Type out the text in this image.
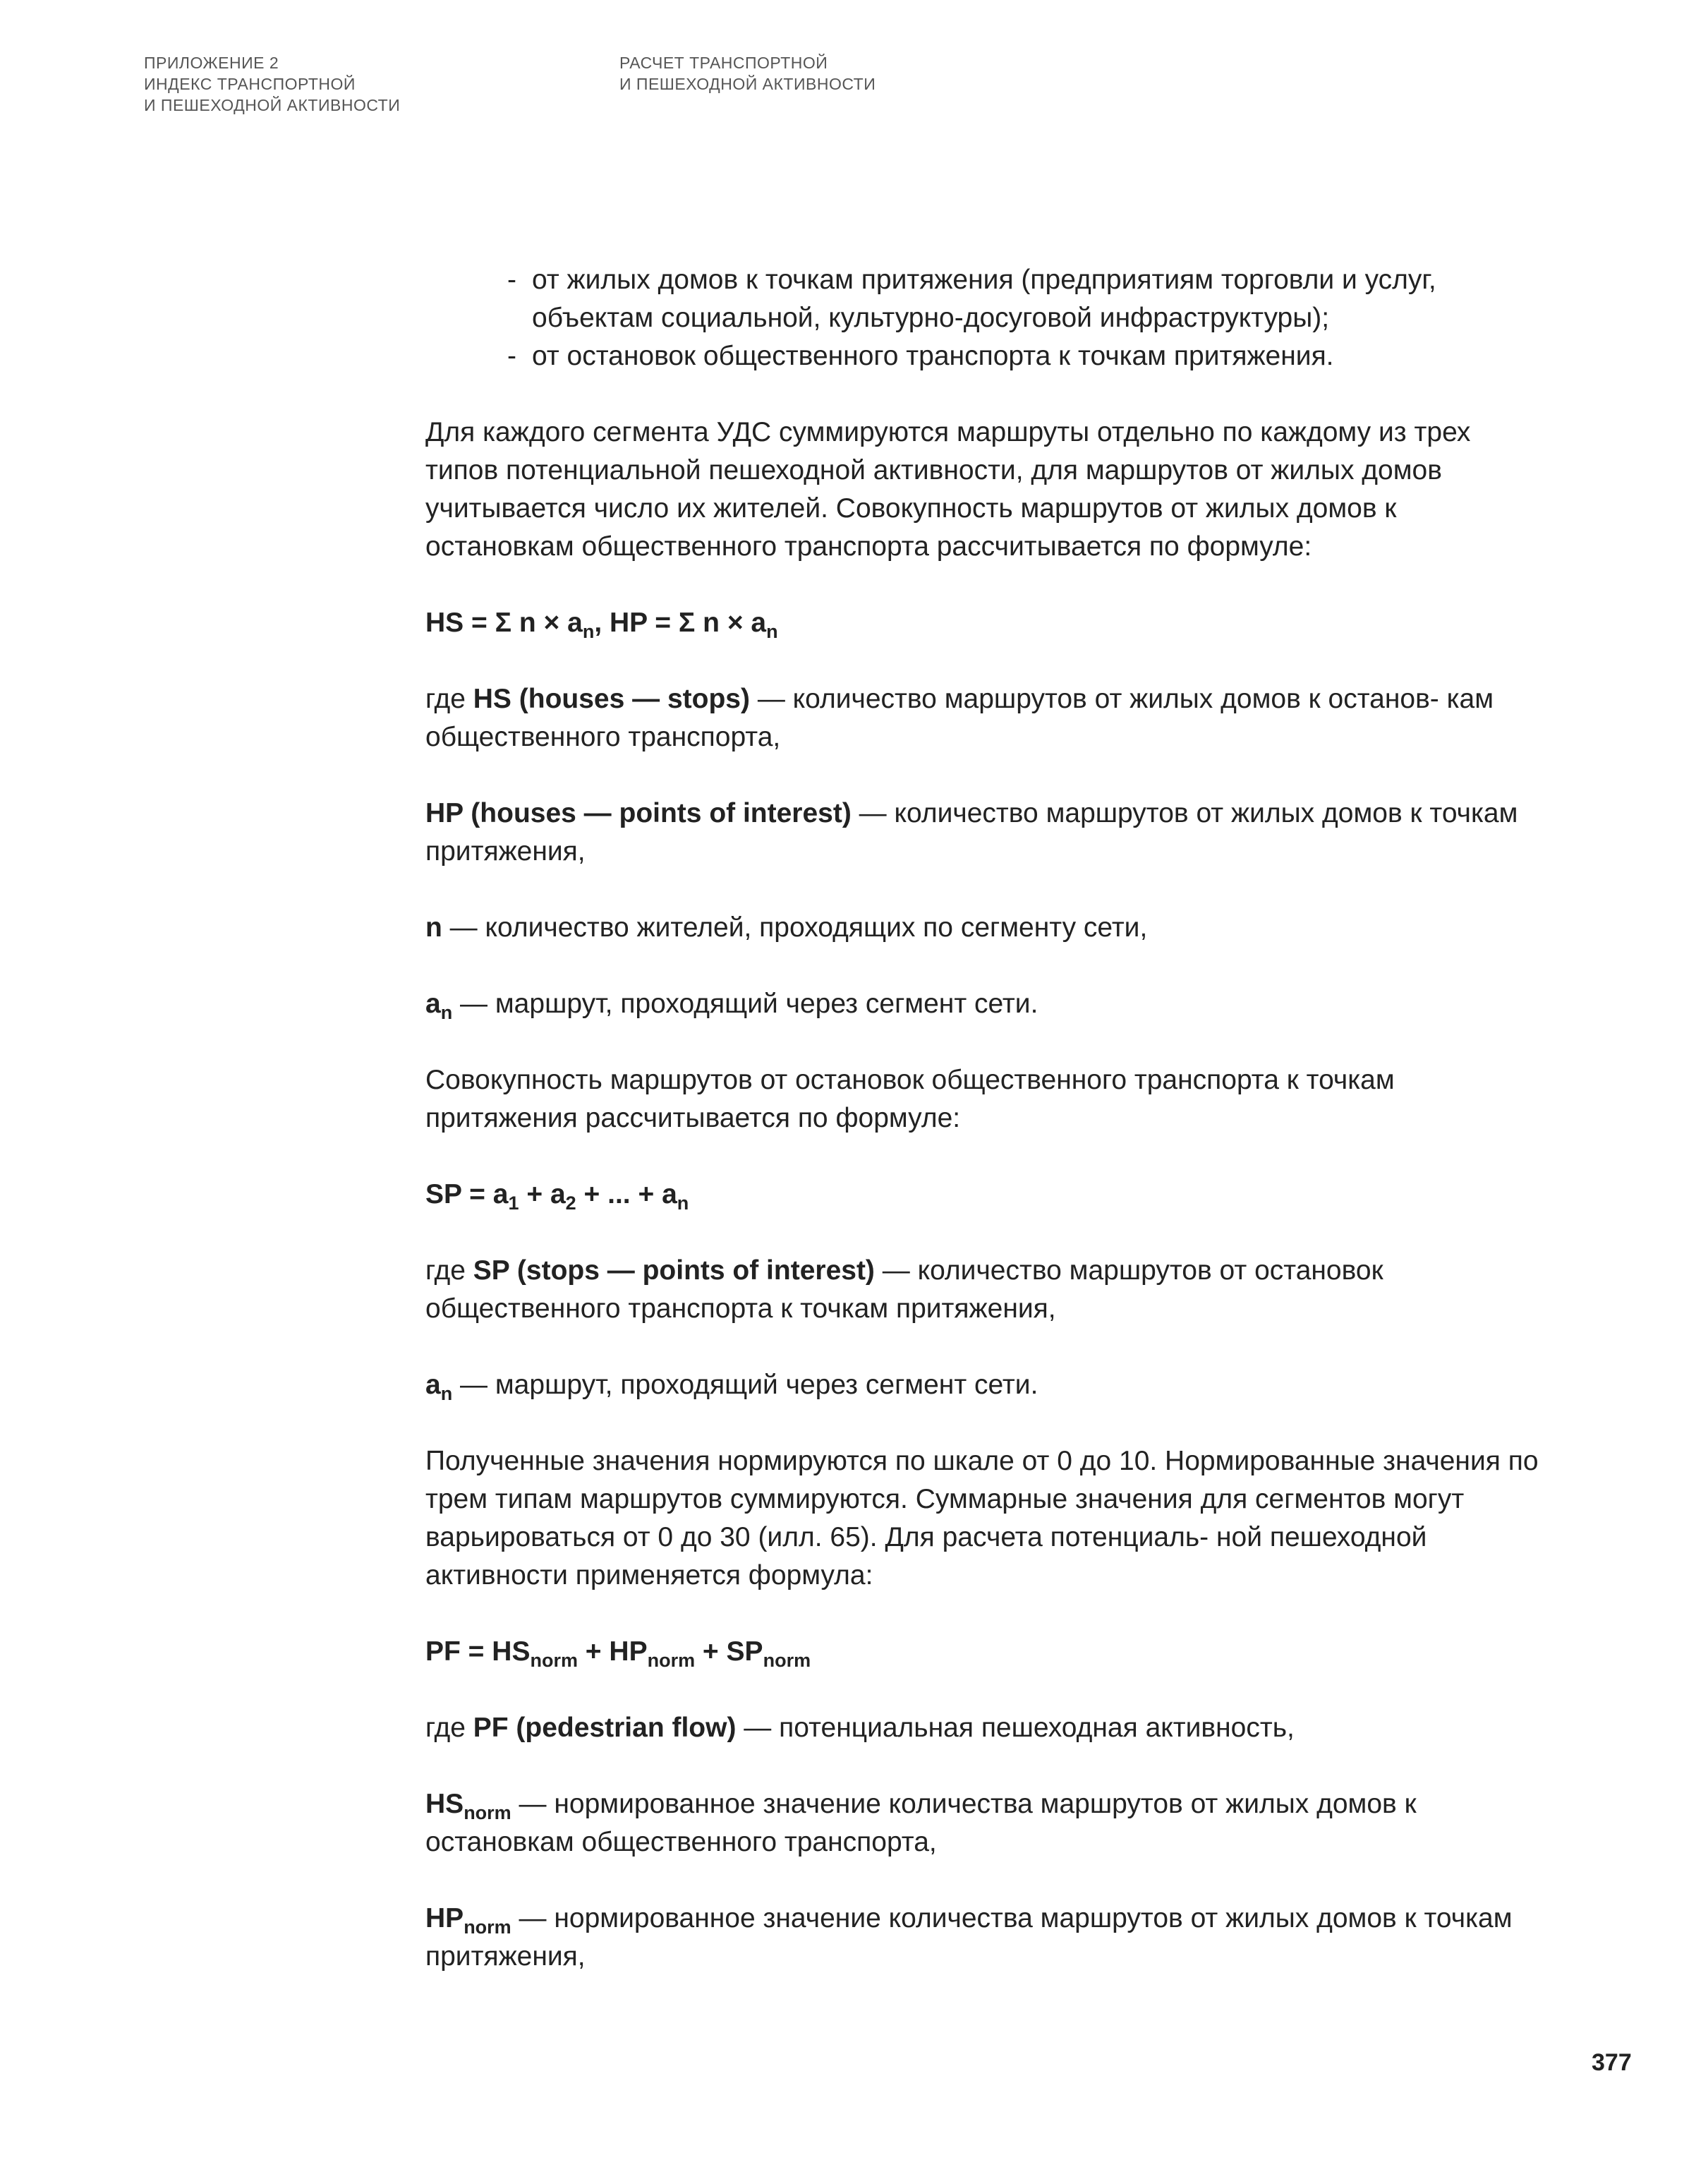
ПРИЛОЖЕНИЕ 2
ИНДЕКС ТРАНСПОРТНОЙ
И ПЕШЕХОДНОЙ АКТИВНОСТИ
РАСЧЕТ ТРАНСПОРТНОЙ
И ПЕШЕХОДНОЙ АКТИВНОСТИ
- от жилых домов к точкам притяжения (предприятиям торговли и услуг, объектам социальной, культурно-досуговой инфраструктуры);
- от остановок общественного транспорта к точкам притяжения.

Для каждого сегмента УДС суммируются маршруты отдельно по каждому из трех типов потенциальной пешеходной активности, для маршрутов от жилых домов учитывается число их жителей. Совокупность маршрутов от жилых домов к остановкам общественного транспорта рассчитывается по формуле:

HS = Σ $n \times a_n$, HP = Σ $n \times a_n$

где HS (houses — stops) — количество маршрутов от жилых домов к останов- кам общественного транспорта,

HP (houses — points of interest) — количество маршрутов от жилых домов к точкам притяжения,

n — количество жителей, проходящих по сегменту сети,

$a_n$ — маршрут, проходящий через сегмент сети.

Совокупность маршрутов от остановок общественного транспорта к точкам притяжения рассчитывается по формуле:

SP = $a_1 + a_2$ + ... + $a_n$

где SP (stops — points of interest) — количество маршрутов от остановок общественного транспорта к точкам притяжения,

$a_n$ — маршрут, проходящий через сегмент сети.

Полученные значения нормируются по шкале от 0 до 10. Нормированные значения по трем типам маршрутов суммируются. Суммарные значения для сегментов могут варьироваться от 0 до 30 (илл. 65). Для расчета потенциаль- ной пешеходной активности применяется формула:

PF = $HS_{norm} + HP_{norm} + SP_{norm}$

где PF (pedestrian flow) — потенциальная пешеходная активность,

$HS_{norm}$ — нормированное значение количества маршрутов от жилых домов к остановкам общественного транспорта,

$HP_{norm}$ — нормированное значение количества маршрутов от жилых домов к точкам притяжения,

377
